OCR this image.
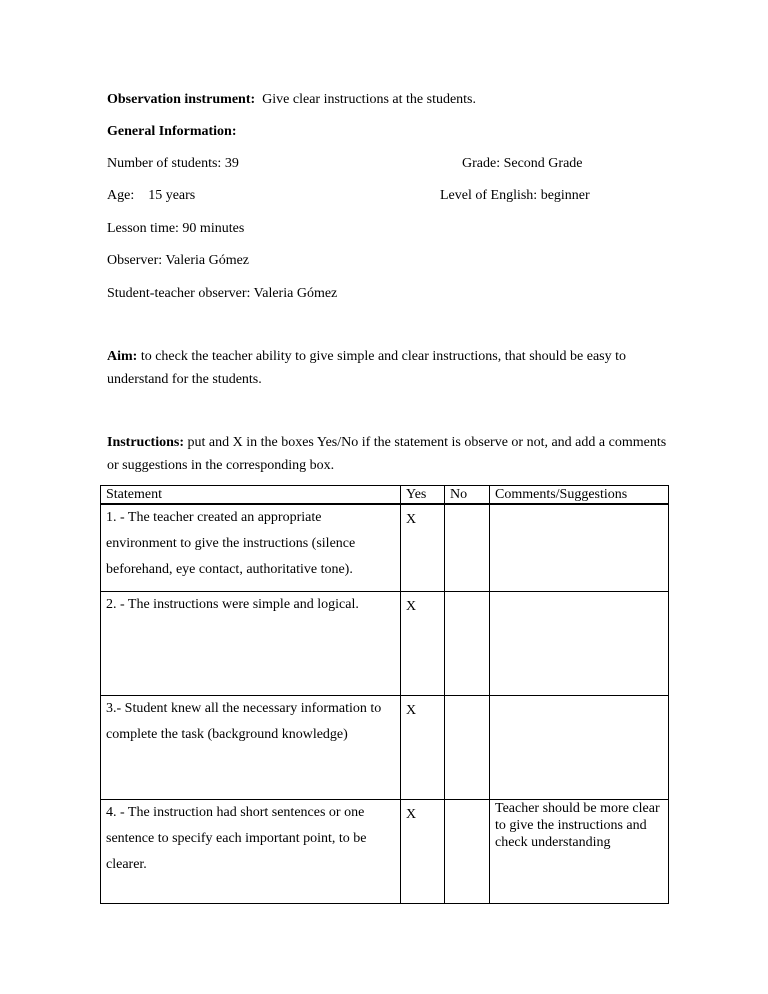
Observation instrument: Give clear instructions at the students.
General Information:
Number of students: 39	Grade: Second Grade
Age: 15 years	Level of English: beginner
Lesson time: 90 minutes
Observer: Valeria Gómez
Student-teacher observer: Valeria Gómez
Aim: to check the teacher ability to give simple and clear instructions, that should be easy to understand for the students.
Instructions: put and X in the boxes Yes/No if the statement is observe or not, and add a comments or suggestions in the corresponding box.
Statement	Yes	No	Comments/Suggestions
1. - The teacher created an appropriate environment to give the instructions (silence beforehand, eye contact, authoritative tone).	X		
2. - The instructions were simple and logical.	X		
3.- Student knew all the necessary information to complete the task (background knowledge)	X		
4. - The instruction had short sentences or one sentence to specify each important point, to be clearer.	X		Teacher should be more clear to give the instructions and check understanding
